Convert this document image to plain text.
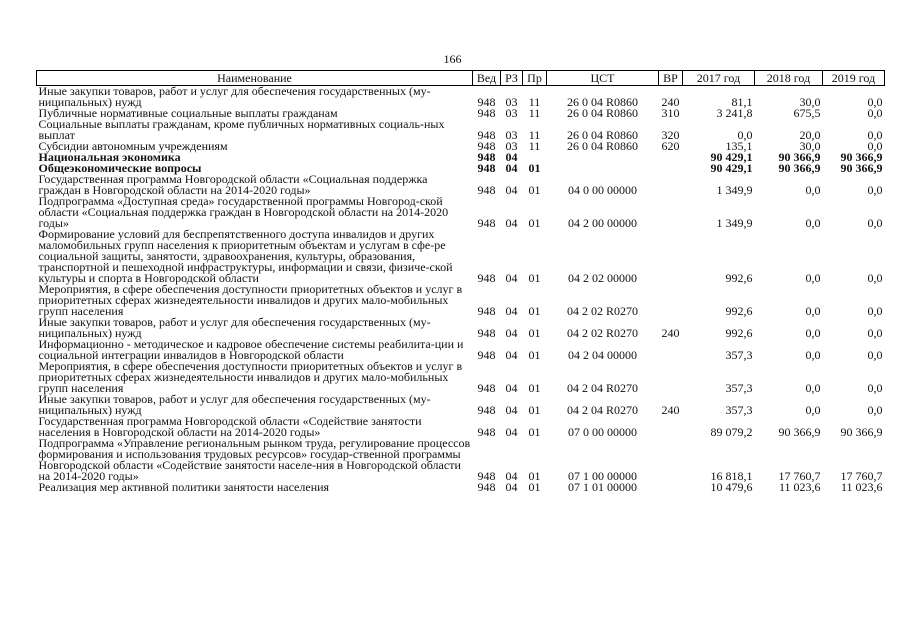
166
Наименование	Вед	РЗ	Пр	ЦСТ	ВР	2017 год	2018 год	2019 год
Иные закупки товаров, работ и услуг для обеспечения государственных (му-ниципальных) нужд	948	03	11	26 0 04 R0860	240	81,1	30,0	0,0
Публичные нормативные социальные выплаты гражданам	948	03	11	26 0 04 R0860	310	3 241,8	675,5	0,0
Социальные выплаты гражданам, кроме публичных нормативных социаль-ных выплат	948	03	11	26 0 04 R0860	320	0,0	20,0	0,0
Субсидии автономным учреждениям	948	03	11	26 0 04 R0860	620	135,1	30,0	0,0
Национальная экономика	948	04				90 429,1	90 366,9	90 366,9
Общеэкономические вопросы	948	04	01			90 429,1	90 366,9	90 366,9
Государственная программа Новгородской области «Социальная поддержка граждан в Новгородской области на 2014-2020 годы»	948	04	01	04 0 00 00000		1 349,9	0,0	0,0
Подпрограмма «Доступная среда» государственной программы Новгород-ской области «Социальная поддержка граждан в Новгородской области на 2014-2020 годы»	948	04	01	04 2 00 00000		1 349,9	0,0	0,0
Формирование условий для беспрепятственного доступа инвалидов и других маломобильных групп населения к приоритетным объектам и услугам в сфе-ре социальной защиты, занятости, здравоохранения, культуры, образования, транспортной и пешеходной инфраструктуры, информации и связи, физиче-ской культуры и спорта в Новгородской области	948	04	01	04 2 02 00000		992,6	0,0	0,0
Мероприятия, в сфере обеспечения доступности приоритетных объектов и услуг в приоритетных сферах жизнедеятельности инвалидов и других мало-мобильных групп населения	948	04	01	04 2 02 R0270		992,6	0,0	0,0
Иные закупки товаров, работ и услуг для обеспечения государственных (му-ниципальных) нужд	948	04	01	04 2 02 R0270	240	992,6	0,0	0,0
Информационно - методическое и кадровое обеспечение системы реабилита-ции и социальной интеграции инвалидов в Новгородской области	948	04	01	04 2 04 00000		357,3	0,0	0,0
Мероприятия, в сфере обеспечения доступности приоритетных объектов и услуг в приоритетных сферах жизнедеятельности инвалидов и других мало-мобильных групп населения	948	04	01	04 2 04 R0270		357,3	0,0	0,0
Иные закупки товаров, работ и услуг для обеспечения государственных (му-ниципальных) нужд	948	04	01	04 2 04 R0270	240	357,3	0,0	0,0
Государственная программа Новгородской области «Содействие занятости населения в Новгородской области на 2014-2020 годы»	948	04	01	07 0 00 00000		89 079,2	90 366,9	90 366,9
Подпрограмма «Управление региональным рынком труда, регулирование процессов формирования и использования трудовых ресурсов» государ-ственной программы Новгородской области «Содействие занятости населе-ния в Новгородской области на 2014-2020 годы»	948	04	01	07 1 00 00000		16 818,1	17 760,7	17 760,7
Реализация мер активной политики занятости населения	948	04	01	07 1 01 00000		10 479,6	11 023,6	11 023,6
